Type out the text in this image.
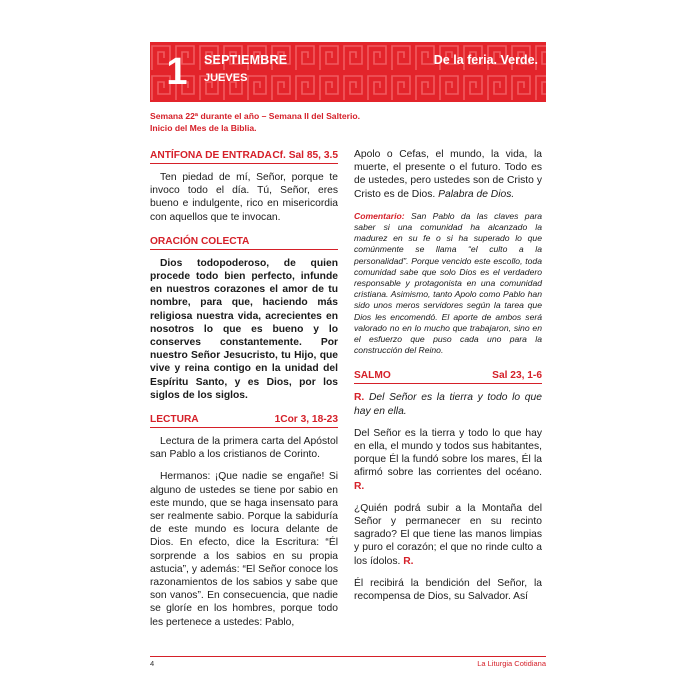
1	SEPTIEMBRE
JUEVES
De la feria. Verde.
Semana 22ª durante el año – Semana II del Salterio.
Inicio del Mes de la Biblia.
ANTÍFONA DE ENTRADA Cf. Sal 85, 3.5

Ten piedad de mí, Señor, porque te invoco todo el día. Tú, Señor, eres bueno e indulgente, rico en misericordia con aquellos que te invocan.

ORACIÓN COLECTA

Dios todopoderoso, de quien procede todo bien perfecto, infunde en nuestros corazones el amor de tu nombre, para que, haciendo más religiosa nuestra vida, acrecientes en nosotros lo que es bueno y lo conserves constantemente. Por nuestro Señor Jesucristo, tu Hijo, que vive y reina contigo en la unidad del Espíritu Santo, y es Dios, por los siglos de los siglos.

LECTURA	1Cor 3, 18-23

Lectura de la primera carta del Apóstol san Pablo a los cristianos de Corinto.

Hermanos: ¡Que nadie se engañe! Si alguno de ustedes se tiene por sabio en este mundo, que se haga insensato para ser realmente sabio. Porque la sabiduría de este mundo es locura delante de Dios. En efecto, dice la Escritura: “Él sorprende a los sabios en su propia astucia”, y además: “El Señor conoce los razonamientos de los sabios y sabe que son vanos”. En consecuencia, que nadie se gloríe en los hombres, porque todo les pertenece a ustedes: Pablo,

Apolo o Cefas, el mundo, la vida, la muerte, el presente o el futuro. Todo es de ustedes, pero ustedes son de Cristo y Cristo es de Dios. Palabra de Dios.

Comentario: San Pablo da las claves para saber si una comunidad ha alcanzado la madurez en su fe o si ha superado lo que comúnmente se llama “el culto a la personalidad”. Porque vencido este escollo, toda comunidad sabe que solo Dios es el verdadero responsable y protagonista en una comunidad cristiana. Asimismo, tanto Apolo como Pablo han sido unos meros servidores según la tarea que Dios les encomendó. El aporte de ambos será valorado no en lo mucho que trabajaron, sino en el esfuerzo que puso cada uno para la construcción del Reino.

SALMO	Sal 23, 1-6

R. Del Señor es la tierra y todo lo que hay en ella.

Del Señor es la tierra y todo lo que hay en ella, el mundo y todos sus habitantes, porque Él la fundó sobre los mares, Él la afirmó sobre las corrientes del océano. R.

¿Quién podrá subir a la Montaña del Señor y permanecer en su recinto sagrado? El que tiene las manos limpias y puro el corazón; el que no rinde culto a los ídolos. R.

Él recibirá la bendición del Señor, la recompensa de Dios, su Salvador. Así

4	La Liturgia Cotidiana
